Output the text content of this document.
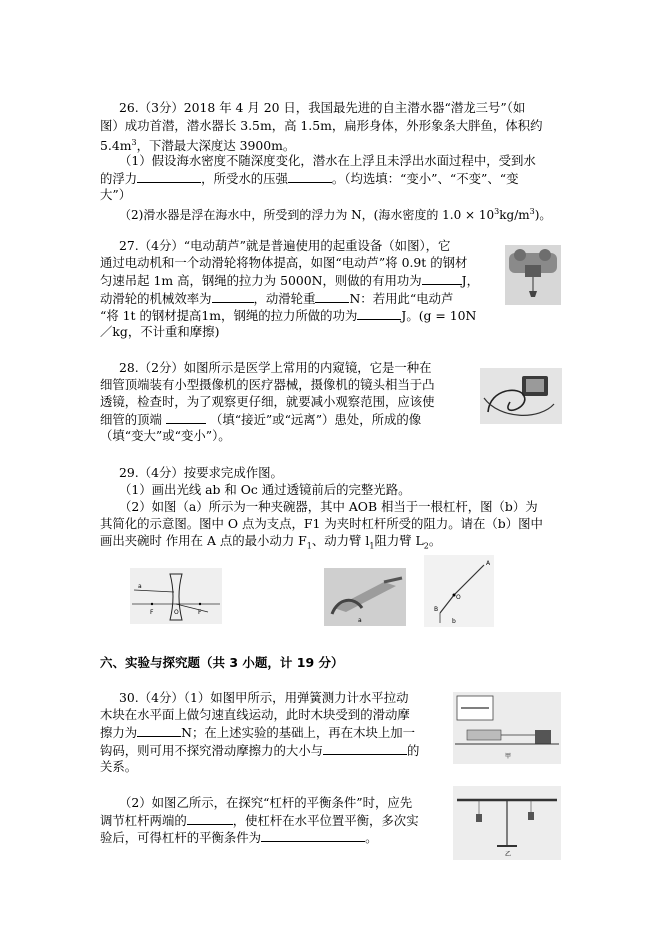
26.（3分）2018 年 4 月 20 日，我国最先进的自主潜水器“潜龙三号”（如
图）成功首潜，潜水器长 3.5m，高 1.5m，扁形身体，外形象条大胖鱼，体积约
$5.4m^3$，下潜最大深度达 3900m。
（1）假设海水密度不随深度变化，潜水在上浮且未浮出水面过程中，受到水
的浮力	，所受水的压强	。（均选填：“变小”、“不变”、“变
大”）
（2)滑水器是浮在海水中，所受到的浮力为 N，(海水密度的 $1.0 \times 10^3kg/m^3$)。
27.（4分）“电动葫芦”就是普遍使用的起重设备（如图），它
通过电动机和一个动滑轮将物体提高，如图“电动芦”将 0.9t 的钢材
匀速吊起 1m 高，钢绳的拉力为 5000N，则做的有用功为	J，
动滑轮的机械效率为	，动滑轮重	N：若用此“电动芦
“将 1t 的钢材提高1m，钢绳的拉力所做的功为	J。(g = 10N
／kg，不计重和摩擦)
28.（2分）如图所示是医学上常用的内窥镜，它是一种在
细管顶端装有小型摄像机的医疗器械，摄像机的镜头相当于凸
透镜，检查时，为了观察更仔细，就要减小观察范围，应该使
细管的顶端	（填“接近”或“远离”）患处，所成的像
（填“变大”或“变小”）。
29.（4分）按要求完成作图。
（1）画出光线 ab 和 Oc 通过透镜前后的完整光路。
（2）如图（a）所示为一种夹碗器，其中 AOB 相当于一根杠杆，图（b）为
其简化的示意图。图中 O 点为支点，F1 为夹时杠杆所受的阻力。请在（b）图中
画出夹碗时 作用在 A 点的最小动力 $F_1$、动力臂 $l_1$阻力臂 $L_2$。
a
F	O	F
a
A
O
B
b
六、实验与探究题（共 3 小题，计 19 分）
30.（4分）（1）如图甲所示，用弹簧测力计水平拉动
木块在水平面上做匀速直线运动，此时木块受到的滑动摩
擦力为	N；在上述实验的基础上，再在木块上加一
钩码，则可用不探究滑动摩擦力的大小与	的
关系。
甲
（2）如图乙所示，在探究“杠杆的平衡条件”时，应先
调节杠杆两端的	，使杠杆在水平位置平衡，多次实
验后，可得杠杆的平衡条件为	。
乙
